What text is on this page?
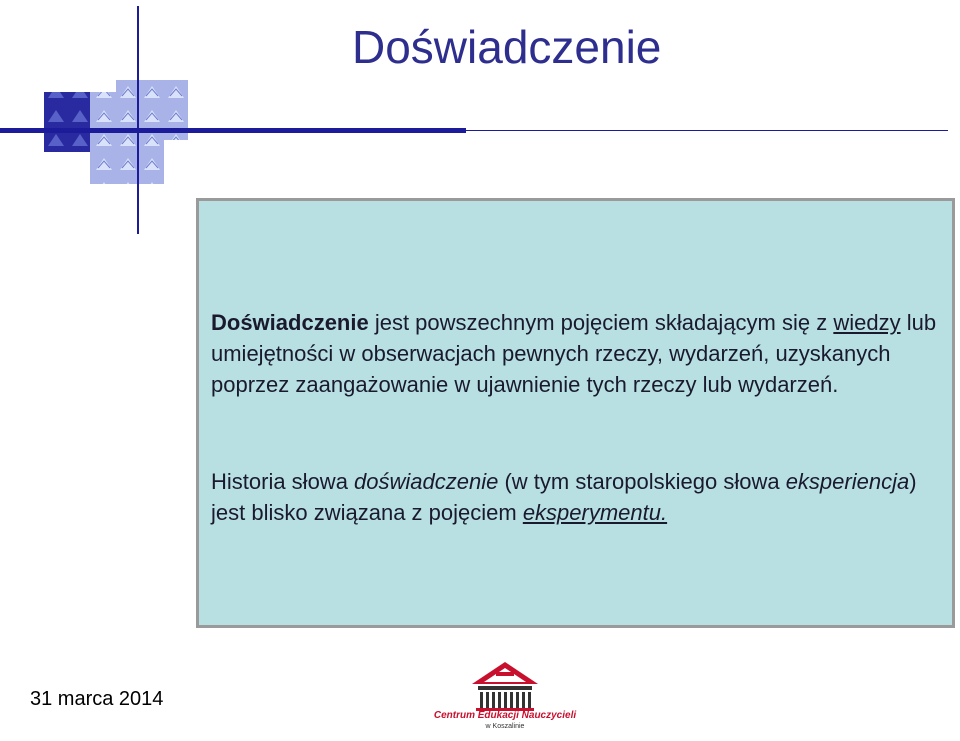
Doświadczenie
Doświadczenie jest powszechnym pojęciem składającym się z wiedzy lub umiejętności w obserwacjach pewnych rzeczy, wydarzeń, uzyskanych poprzez zaangażowanie w ujawnienie tych rzeczy lub wydarzeń.
Historia słowa doświadczenie (w tym staropolskiego słowa eksperiencja) jest blisko związana z pojęciem eksperymentu.
31 marca 2014
Centrum Edukacji Nauczycieli
w Koszalinie
